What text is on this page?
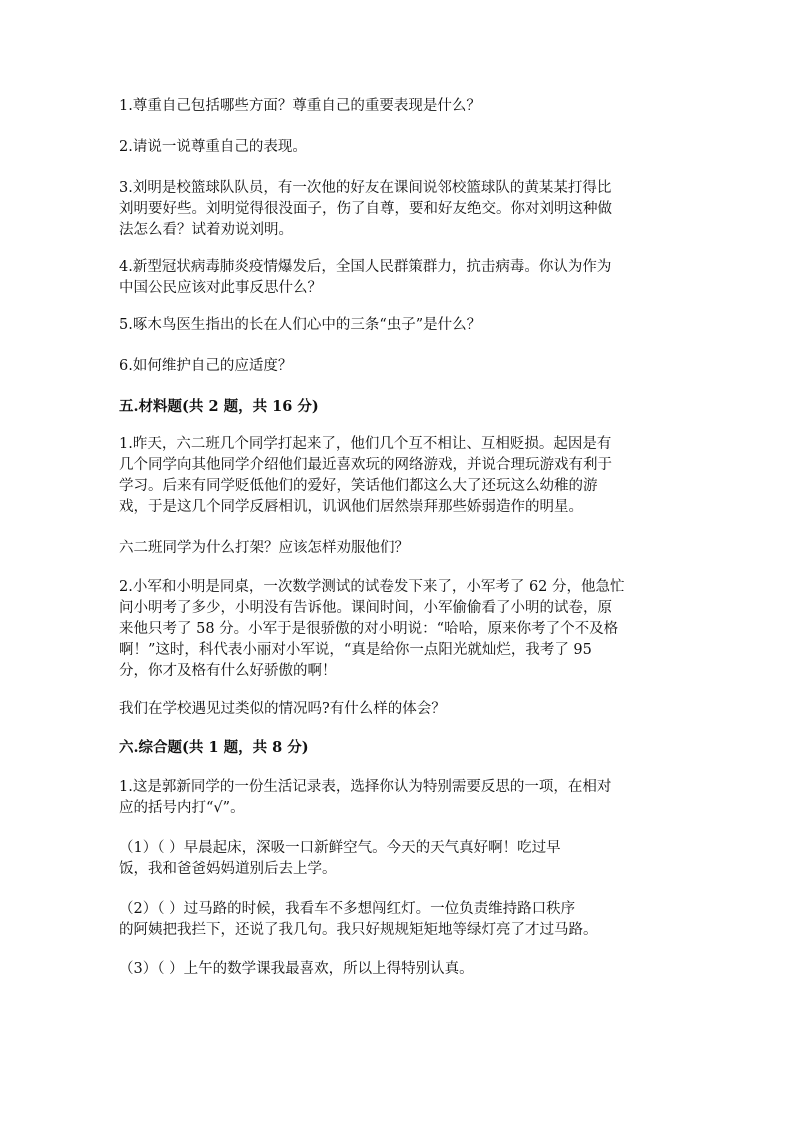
1.尊重自己包括哪些方面？尊重自己的重要表现是什么？
2.请说一说尊重自己的表现。
3.刘明是校篮球队队员，有一次他的好友在课间说邻校篮球队的黄某某打得比
刘明要好些。刘明觉得很没面子，伤了自尊，要和好友绝交。你对刘明这种做
法怎么看？试着劝说刘明。
4.新型冠状病毒肺炎疫情爆发后，全国人民群策群力，抗击病毒。你认为作为
中国公民应该对此事反思什么？
5.啄木鸟医生指出的长在人们心中的三条“虫子”是什么？
6.如何维护自己的应适度？
五.材料题(共 2 题，共 16 分)
1.昨天，六二班几个同学打起来了，他们几个互不相让、互相贬损。起因是有
几个同学向其他同学介绍他们最近喜欢玩的网络游戏，并说合理玩游戏有利于
学习。后来有同学贬低他们的爱好，笑话他们都这么大了还玩这么幼稚的游
戏，于是这几个同学反唇相讥，讥讽他们居然崇拜那些娇弱造作的明星。
六二班同学为什么打架？应该怎样劝服他们？
2.小军和小明是同桌，一次数学测试的试卷发下来了，小军考了 62 分，他急忙
问小明考了多少，小明没有告诉他。课间时间，小军偷偷看了小明的试卷，原
来他只考了 58 分。小军于是很骄傲的对小明说：“哈哈，原来你考了个不及格
啊！”这时，科代表小丽对小军说，“真是给你一点阳光就灿烂，我考了 95
分，你才及格有什么好骄傲的啊！
我们在学校遇见过类似的情况吗?有什么样的体会？
六.综合题(共 1 题，共 8 分)
1.这是郭新同学的一份生活记录表，选择你认为特别需要反思的一项，在相对
应的括号内打“√”。
（1）（ ）早晨起床，深吸一口新鲜空气。今天的天气真好啊！吃过早
饭，我和爸爸妈妈道别后去上学。
（2）（ ）过马路的时候，我看车不多想闯红灯。一位负责维持路口秩序
的阿姨把我拦下，还说了我几句。我只好规规矩矩地等绿灯亮了才过马路。
（3）（ ）上午的数学课我最喜欢，所以上得特别认真。
